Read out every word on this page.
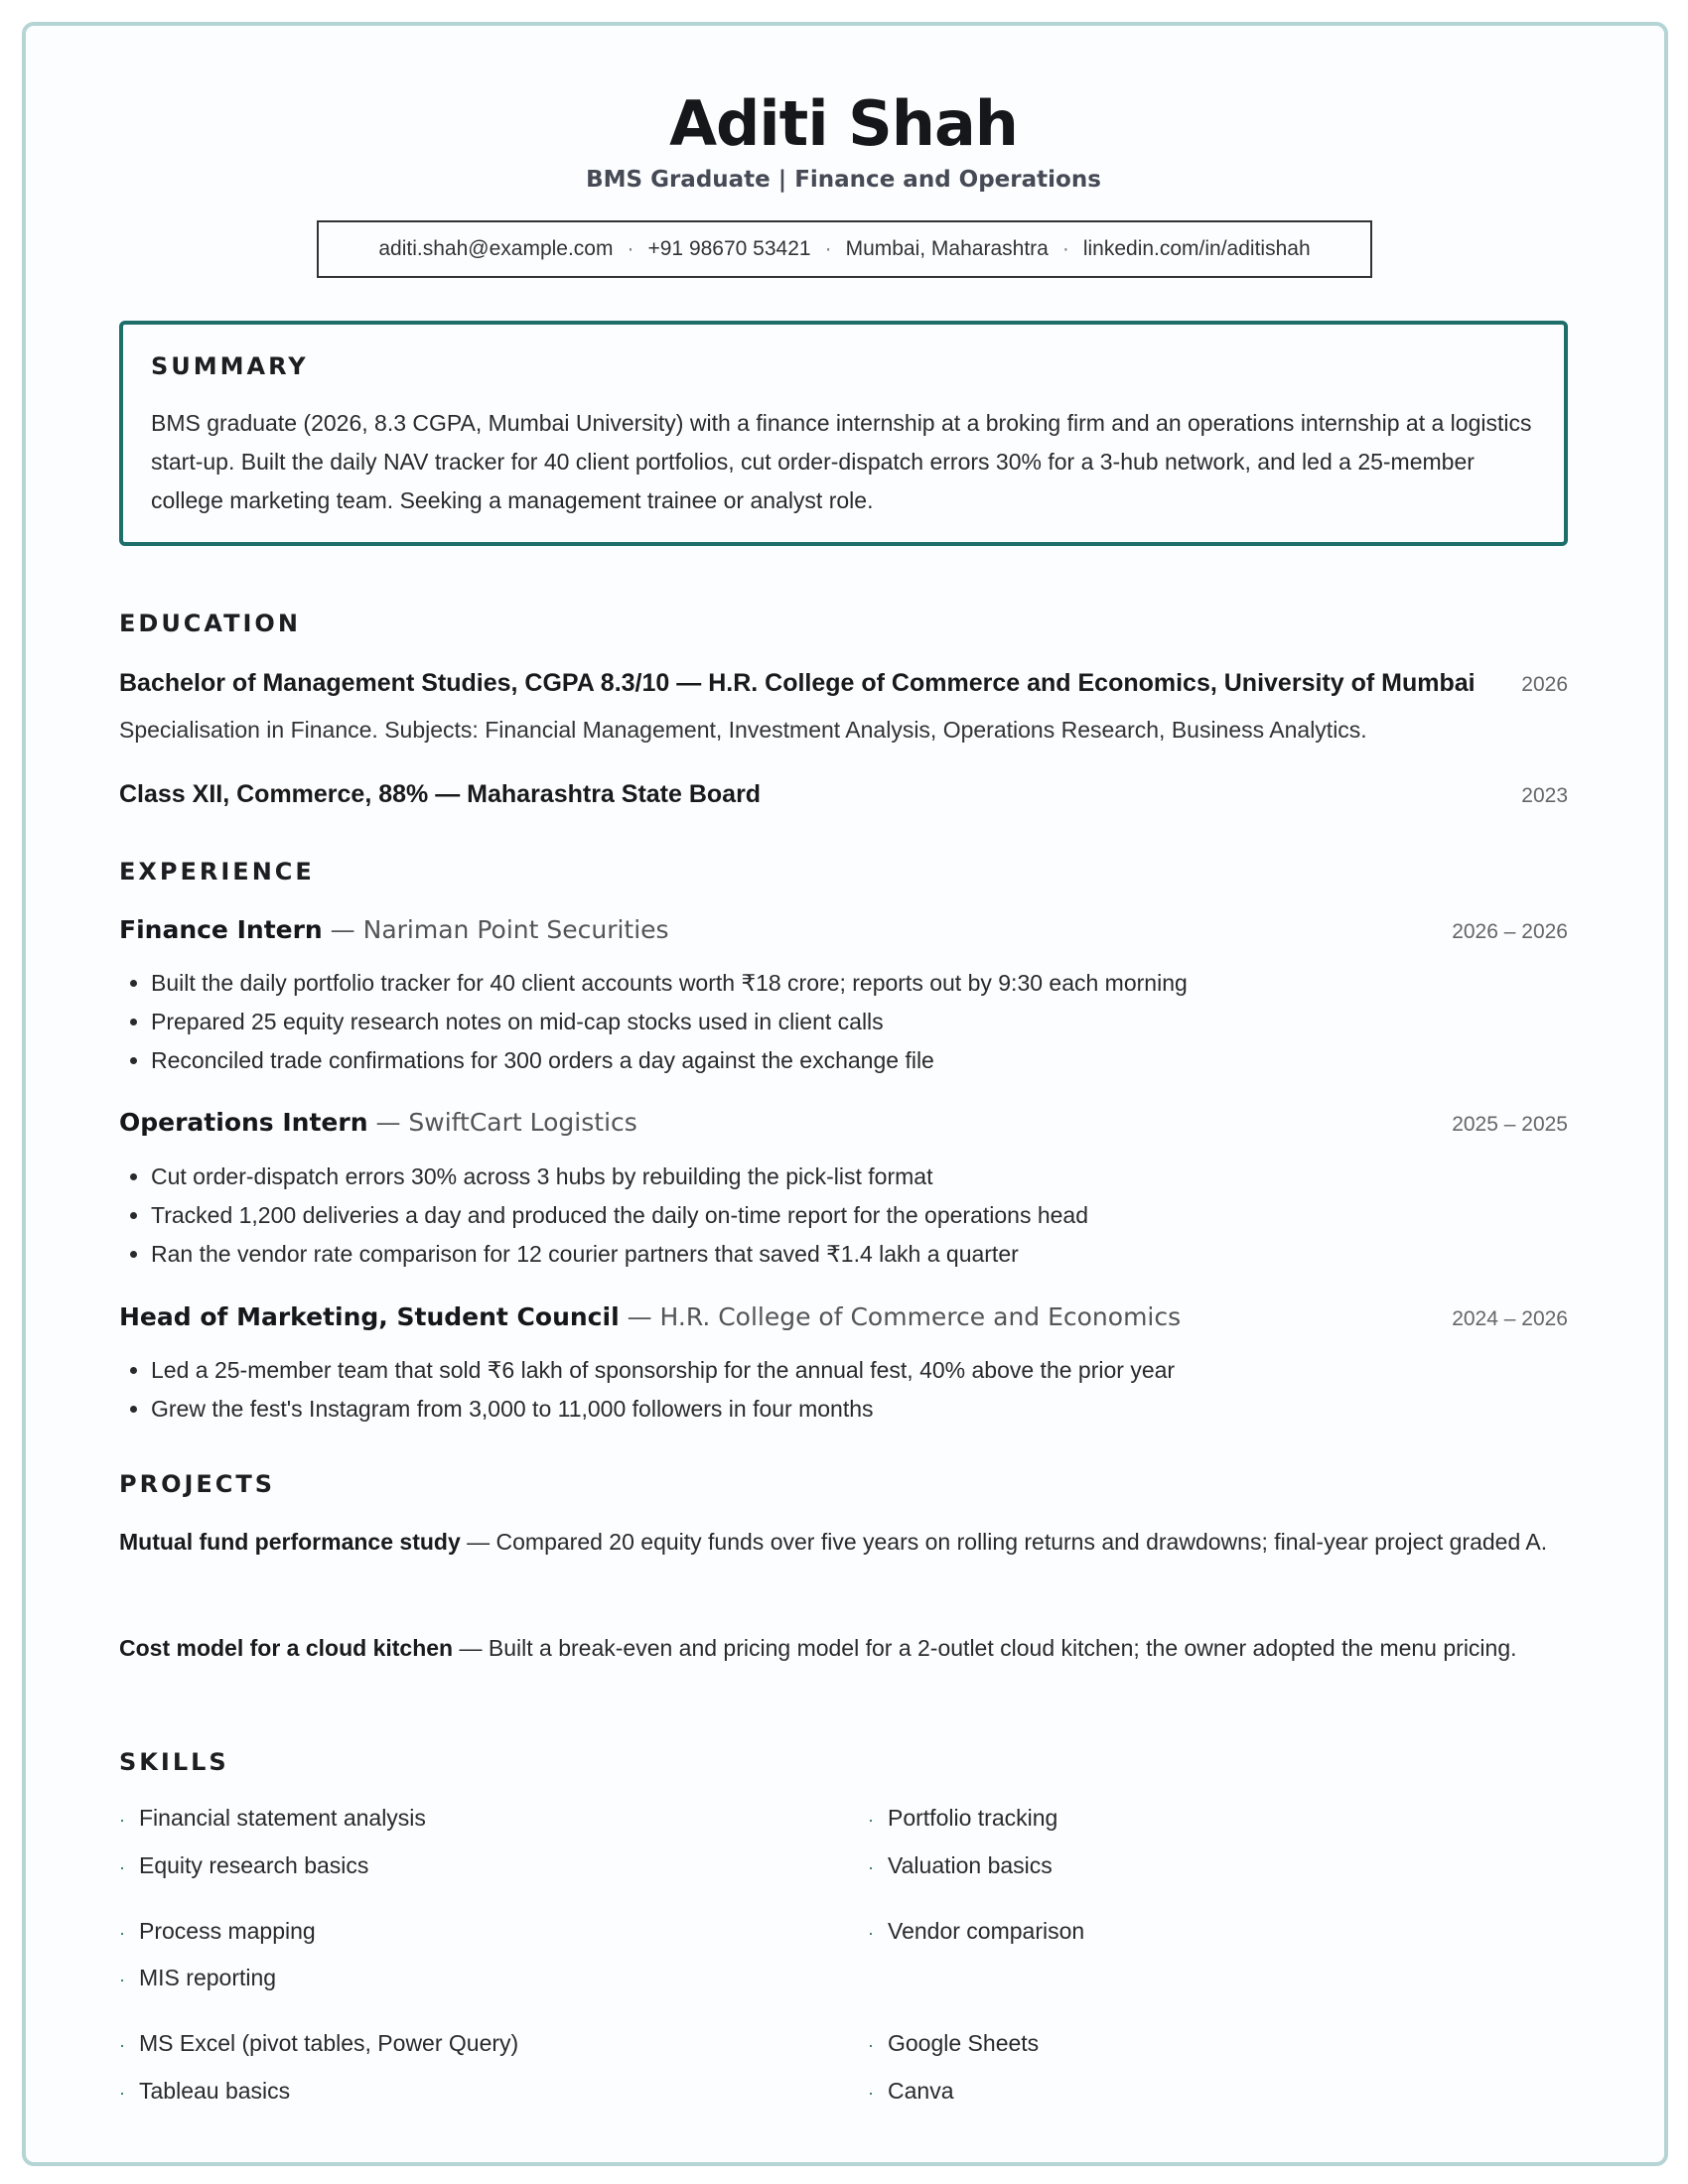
Aditi Shah
BMS Graduate | Finance and Operations
aditi.shah@example.com · +91 98670 53421 · Mumbai, Maharashtra · linkedin.com/in/aditishah
SUMMARY
BMS graduate (2026, 8.3 CGPA, Mumbai University) with a finance internship at a broking firm and an operations internship at a logistics start-up. Built the daily NAV tracker for 40 client portfolios, cut order-dispatch errors 30% for a 3-hub network, and led a 25-member college marketing team. Seeking a management trainee or analyst role.
EDUCATION
Bachelor of Management Studies, CGPA 8.3/10 — H.R. College of Commerce and Economics, University of Mumbai 2026
Specialisation in Finance. Subjects: Financial Management, Investment Analysis, Operations Research, Business Analytics.
Class XII, Commerce, 88% — Maharashtra State Board	2023
EXPERIENCE
Finance Intern — Nariman Point Securities	2026 – 2026
• Built the daily portfolio tracker for 40 client accounts worth ₹18 crore; reports out by 9:30 each morning
• Prepared 25 equity research notes on mid-cap stocks used in client calls
• Reconciled trade confirmations for 300 orders a day against the exchange file
Operations Intern — SwiftCart Logistics	2025 – 2025
• Cut order-dispatch errors 30% across 3 hubs by rebuilding the pick-list format
• Tracked 1,200 deliveries a day and produced the daily on-time report for the operations head
• Ran the vendor rate comparison for 12 courier partners that saved ₹1.4 lakh a quarter
Head of Marketing, Student Council — H.R. College of Commerce and Economics	2024 – 2026
• Led a 25-member team that sold ₹6 lakh of sponsorship for the annual fest, 40% above the prior year
• Grew the fest's Instagram from 3,000 to 11,000 followers in four months
PROJECTS
Mutual fund performance study — Compared 20 equity funds over five years on rolling returns and drawdowns; final-year project graded A.
Cost model for a cloud kitchen — Built a break-even and pricing model for a 2-outlet cloud kitchen; the owner adopted the menu pricing.
SKILLS
· Financial statement analysis	· Portfolio tracking
· Equity research basics	· Valuation basics
· Process mapping	· Vendor comparison
· MIS reporting
· MS Excel (pivot tables, Power Query)	· Google Sheets
· Tableau basics	· Canva
